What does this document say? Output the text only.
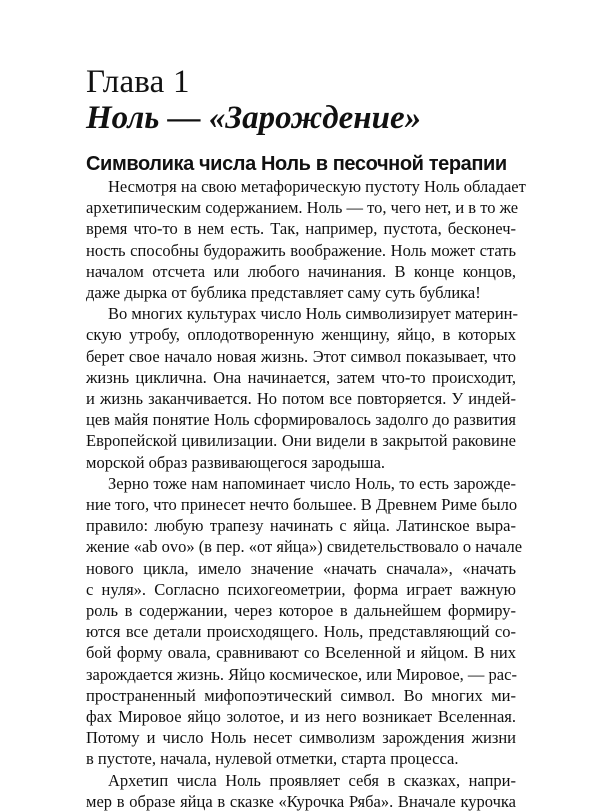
Глава 1
Ноль — «Зарождение»
Символика числа Ноль в песочной терапии

Несмотря на свою метафорическую пустоту Ноль обладает
архетипическим содержанием. Ноль — то, чего нет, и в то же
время что-то в нем есть. Так, например, пустота, бесконеч-
ность способны будоражить воображение. Ноль может стать
началом отсчета или любого начинания. В конце концов,
даже дырка от бублика представляет саму суть бублика!

Во многих культурах число Ноль символизирует материн-
скую утробу, оплодотворенную женщину, яйцо, в которых
берет свое начало новая жизнь. Этот символ показывает, что
жизнь циклична. Она начинается, затем что-то происходит,
и жизнь заканчивается. Но потом все повторяется. У индей-
цев майя понятие Ноль сформировалось задолго до развития
Европейской цивилизации. Они видели в закрытой раковине
морской образ развивающегося зародыша.

Зерно тоже нам напоминает число Ноль, то есть зарожде-
ние того, что принесет нечто большее. В Древнем Риме было
правило: любую трапезу начинать с яйца. Латинское выра-
жение «ab ovo» (в пер. «от яйца») свидетельствовало о начале
нового цикла, имело значение «начать сначала», «начать
с нуля». Согласно психогеометрии, форма играет важную
роль в содержании, через которое в дальнейшем формиру-
ются все детали происходящего. Ноль, представляющий со-
бой форму овала, сравнивают со Вселенной и яйцом. В них
зарождается жизнь. Яйцо космическое, или Мировое, — рас-
пространенный мифопоэтический символ. Во многих ми-
фах Мировое яйцо золотое, и из него возникает Вселенная.
Потому и число Ноль несет символизм зарождения жизни
в пустоте, начала, нулевой отметки, старта процесса.

Архетип числа Ноль проявляет себя в сказках, напри-
мер в образе яйца в сказке «Курочка Ряба». Вначале курочка
